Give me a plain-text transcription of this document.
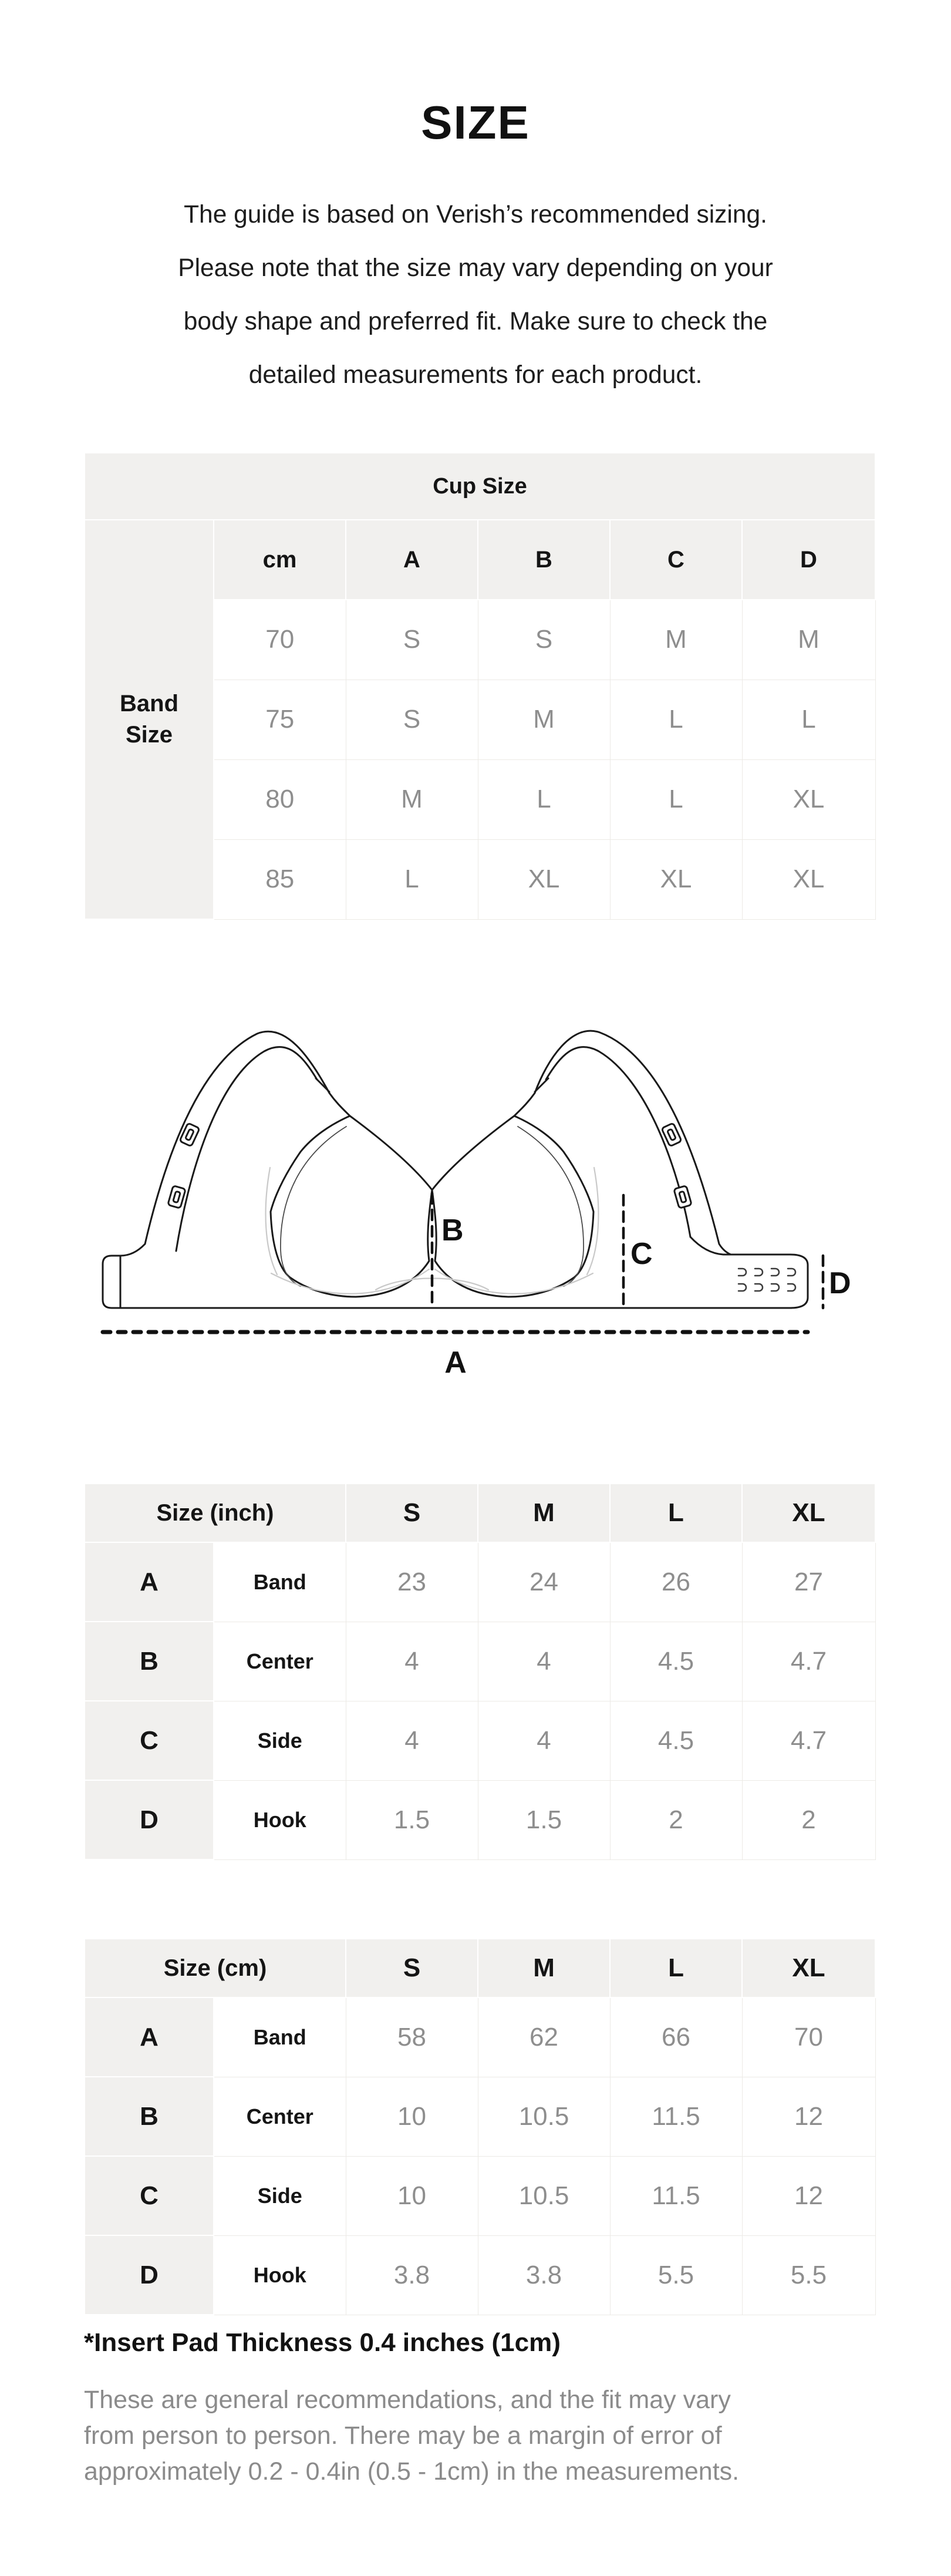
SIZE
The guide is based on Verish’s recommended sizing.
Please note that the size may vary depending on your
body shape and preferred fit. Make sure to check the
detailed measurements for each product.
Cup Size					

Band Size	cm	A	B	C	D
	70	S	S	M	M
	75	S	M	L	L
	80	M	L	L	XL
	85	L	XL	XL	XL
B
C
D
A
Size (inch)		S	M	L	XL
A	Band	23	24	26	27
B	Center	4	4	4.5	4.7
C	Side	4	4	4.5	4.7
D	Hook	1.5	1.5	2	2
Size (cm)		S	M	L	XL
A	Band	58	62	66	70
B	Center	10	10.5	11.5	12
C	Side	10	10.5	11.5	12
D	Hook	3.8	3.8	5.5	5.5
*Insert Pad Thickness 0.4 inches (1cm)
These are general recommendations, and the fit may vary
from person to person. There may be a margin of error of
approximately 0.2 - 0.4in (0.5 - 1cm) in the measurements.
